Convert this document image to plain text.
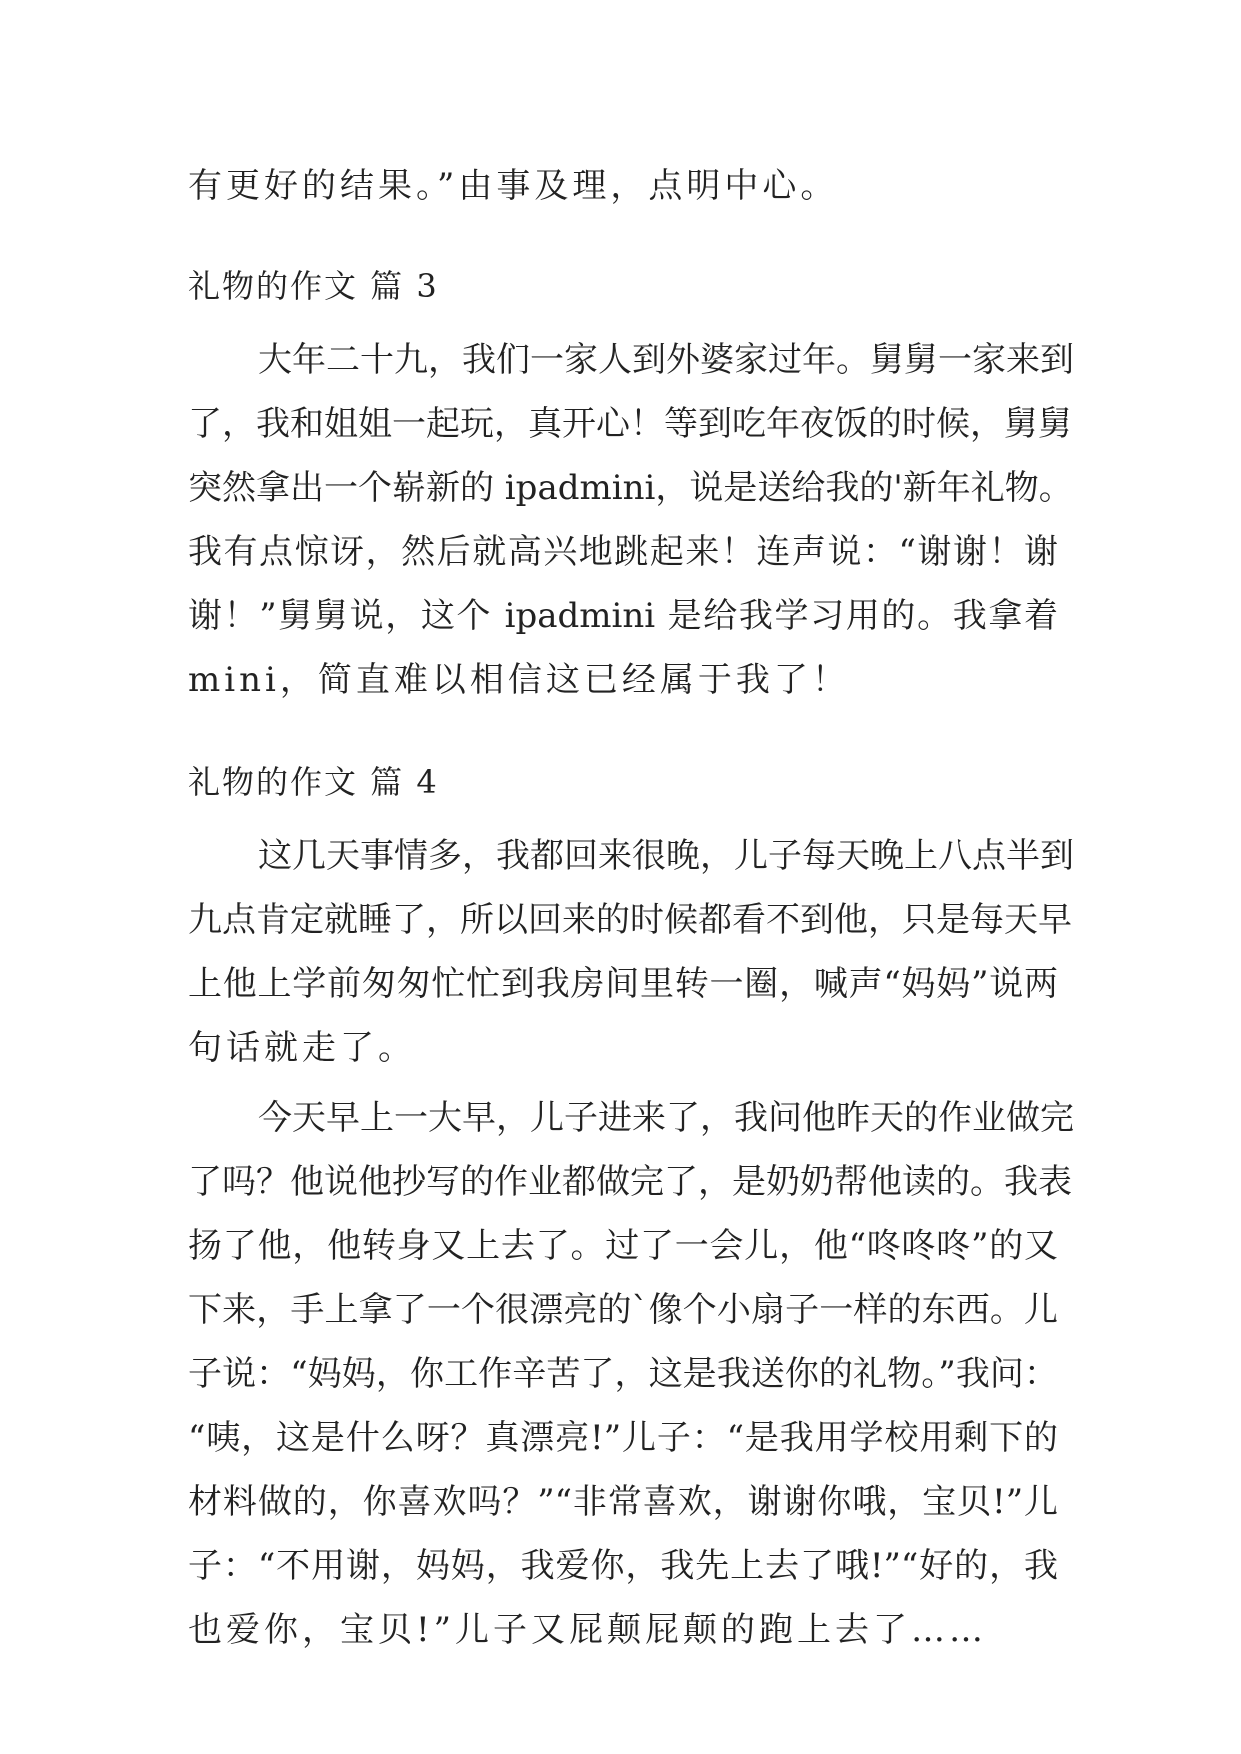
有更好的结果。”由事及理，点明中心。
礼物的作文 篇 3
大年二十九，我们一家人到外婆家过年。舅舅一家来到
了，我和姐姐一起玩，真开心！等到吃年夜饭的时候，舅舅
突然拿出一个崭新的 ipadmini，说是送给我的'新年礼物。
我有点惊讶，然后就高兴地跳起来！连声说：“谢谢！谢
谢！”舅舅说，这个 ipadmini 是给我学习用的。我拿着
mini，简直难以相信这已经属于我了！
礼物的作文 篇 4
这几天事情多，我都回来很晚，儿子每天晚上八点半到
九点肯定就睡了，所以回来的时候都看不到他，只是每天早
上他上学前匆匆忙忙到我房间里转一圈，喊声“妈妈”说两
句话就走了。
今天早上一大早，儿子进来了，我问他昨天的作业做完
了吗？他说他抄写的作业都做完了，是奶奶帮他读的。我表
扬了他，他转身又上去了。过了一会儿，他“咚咚咚”的又
下来，手上拿了一个很漂亮的`像个小扇子一样的东西。儿
子说：“妈妈，你工作辛苦了，这是我送你的礼物。”我问：
“咦，这是什么呀？真漂亮!”儿子：“是我用学校用剩下的
材料做的，你喜欢吗？”“非常喜欢，谢谢你哦，宝贝!”儿
子：“不用谢，妈妈，我爱你，我先上去了哦!”“好的，我
也爱你，宝贝!”儿子又屁颠屁颠的跑上去了……
